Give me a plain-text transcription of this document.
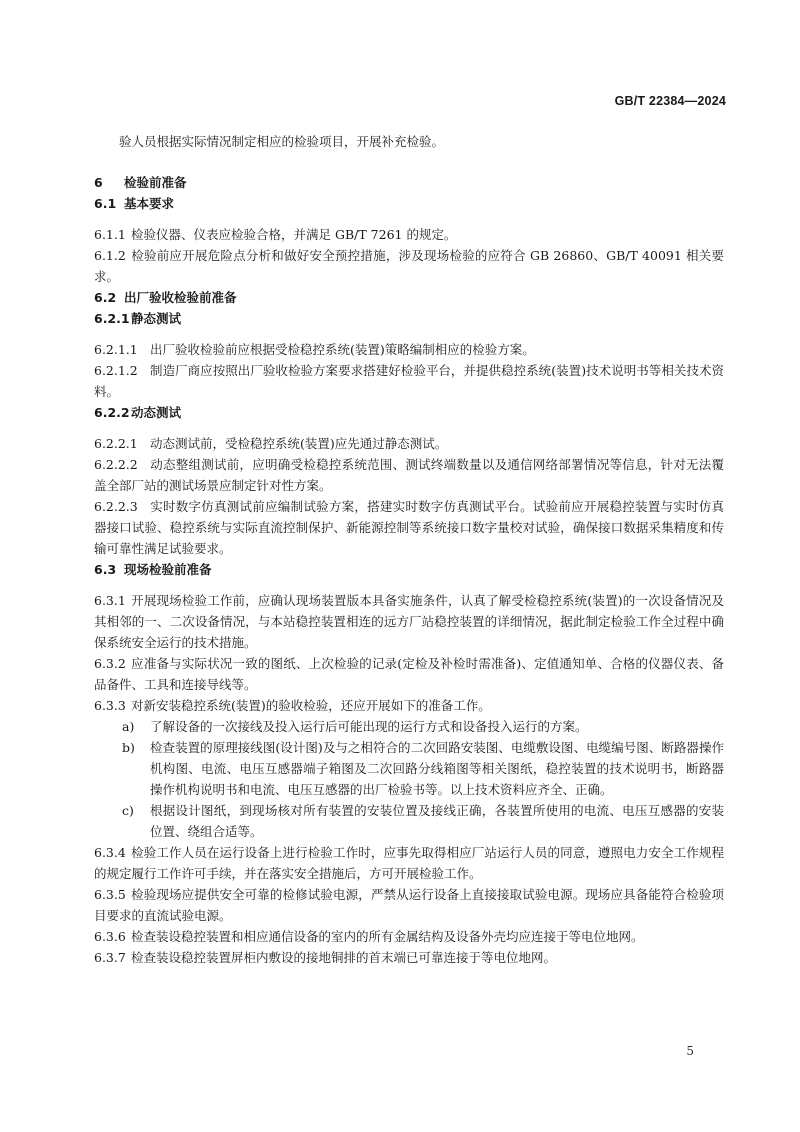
GB/T 22384—2024

验人员根据实际情况制定相应的检验项目，开展补充检验。

6 检验前准备

6.1 基本要求

6.1.1 检验仪器、仪表应检验合格，并满足 GB/T 7261 的规定。

6.1.2 检验前应开展危险点分析和做好安全预控措施，涉及现场检验的应符合 GB 26860、GB/T 40091 相关要求。

6.2 出厂验收检验前准备

6.2.1静态测试

6.2.1.1 出厂验收检验前应根据受检稳控系统(装置)策略编制相应的检验方案。

6.2.1.2 制造厂商应按照出厂验收检验方案要求搭建好检验平台，并提供稳控系统(装置)技术说明书等相关技术资料。

6.2.2动态测试

6.2.2.1 动态测试前，受检稳控系统(装置)应先通过静态测试。

6.2.2.2 动态整组测试前，应明确受检稳控系统范围、测试终端数量以及通信网络部署情况等信息，针对无法覆盖全部厂站的测试场景应制定针对性方案。

6.2.2.3 实时数字仿真测试前应编制试验方案，搭建实时数字仿真测试平台。试验前应开展稳控装置与实时仿真器接口试验、稳控系统与实际直流控制保护、新能源控制等系统接口数字量校对试验，确保接口数据采集精度和传输可靠性满足试验要求。

6.3 现场检验前准备

6.3.1 开展现场检验工作前，应确认现场装置版本具备实施条件，认真了解受检稳控系统(装置)的一次设备情况及其相邻的一、二次设备情况，与本站稳控装置相连的远方厂站稳控装置的详细情况，据此制定检验工作全过程中确保系统安全运行的技术措施。

6.3.2 应准备与实际状况一致的图纸、上次检验的记录(定检及补检时需准备)、定值通知单、合格的仪器仪表、备品备件、工具和连接导线等。

6.3.3 对新安装稳控系统(装置)的验收检验，还应开展如下的准备工作。

a) 了解设备的一次接线及投入运行后可能出现的运行方式和设备投入运行的方案。
b) 检查装置的原理接线图(设计图)及与之相符合的二次回路安装图、电缆敷设图、电缆编号图、断路器操作机构图、电流、电压互感器端子箱图及二次回路分线箱图等相关图纸，稳控装置的技术说明书，断路器操作机构说明书和电流、电压互感器的出厂检验书等。以上技术资料应齐全、正确。
c) 根据设计图纸，到现场核对所有装置的安装位置及接线正确，各装置所使用的电流、电压互感器的安装位置、绕组合适等。

6.3.4 检验工作人员在运行设备上进行检验工作时，应事先取得相应厂站运行人员的同意，遵照电力安全工作规程的规定履行工作许可手续，并在落实安全措施后，方可开展检验工作。

6.3.5 检验现场应提供安全可靠的检修试验电源，严禁从运行设备上直接接取试验电源。现场应具备能符合检验项目要求的直流试验电源。

6.3.6 检查装设稳控装置和相应通信设备的室内的所有金属结构及设备外壳均应连接于等电位地网。

6.3.7 检查装设稳控装置屏柜内敷设的接地铜排的首末端已可靠连接于等电位地网。

5
